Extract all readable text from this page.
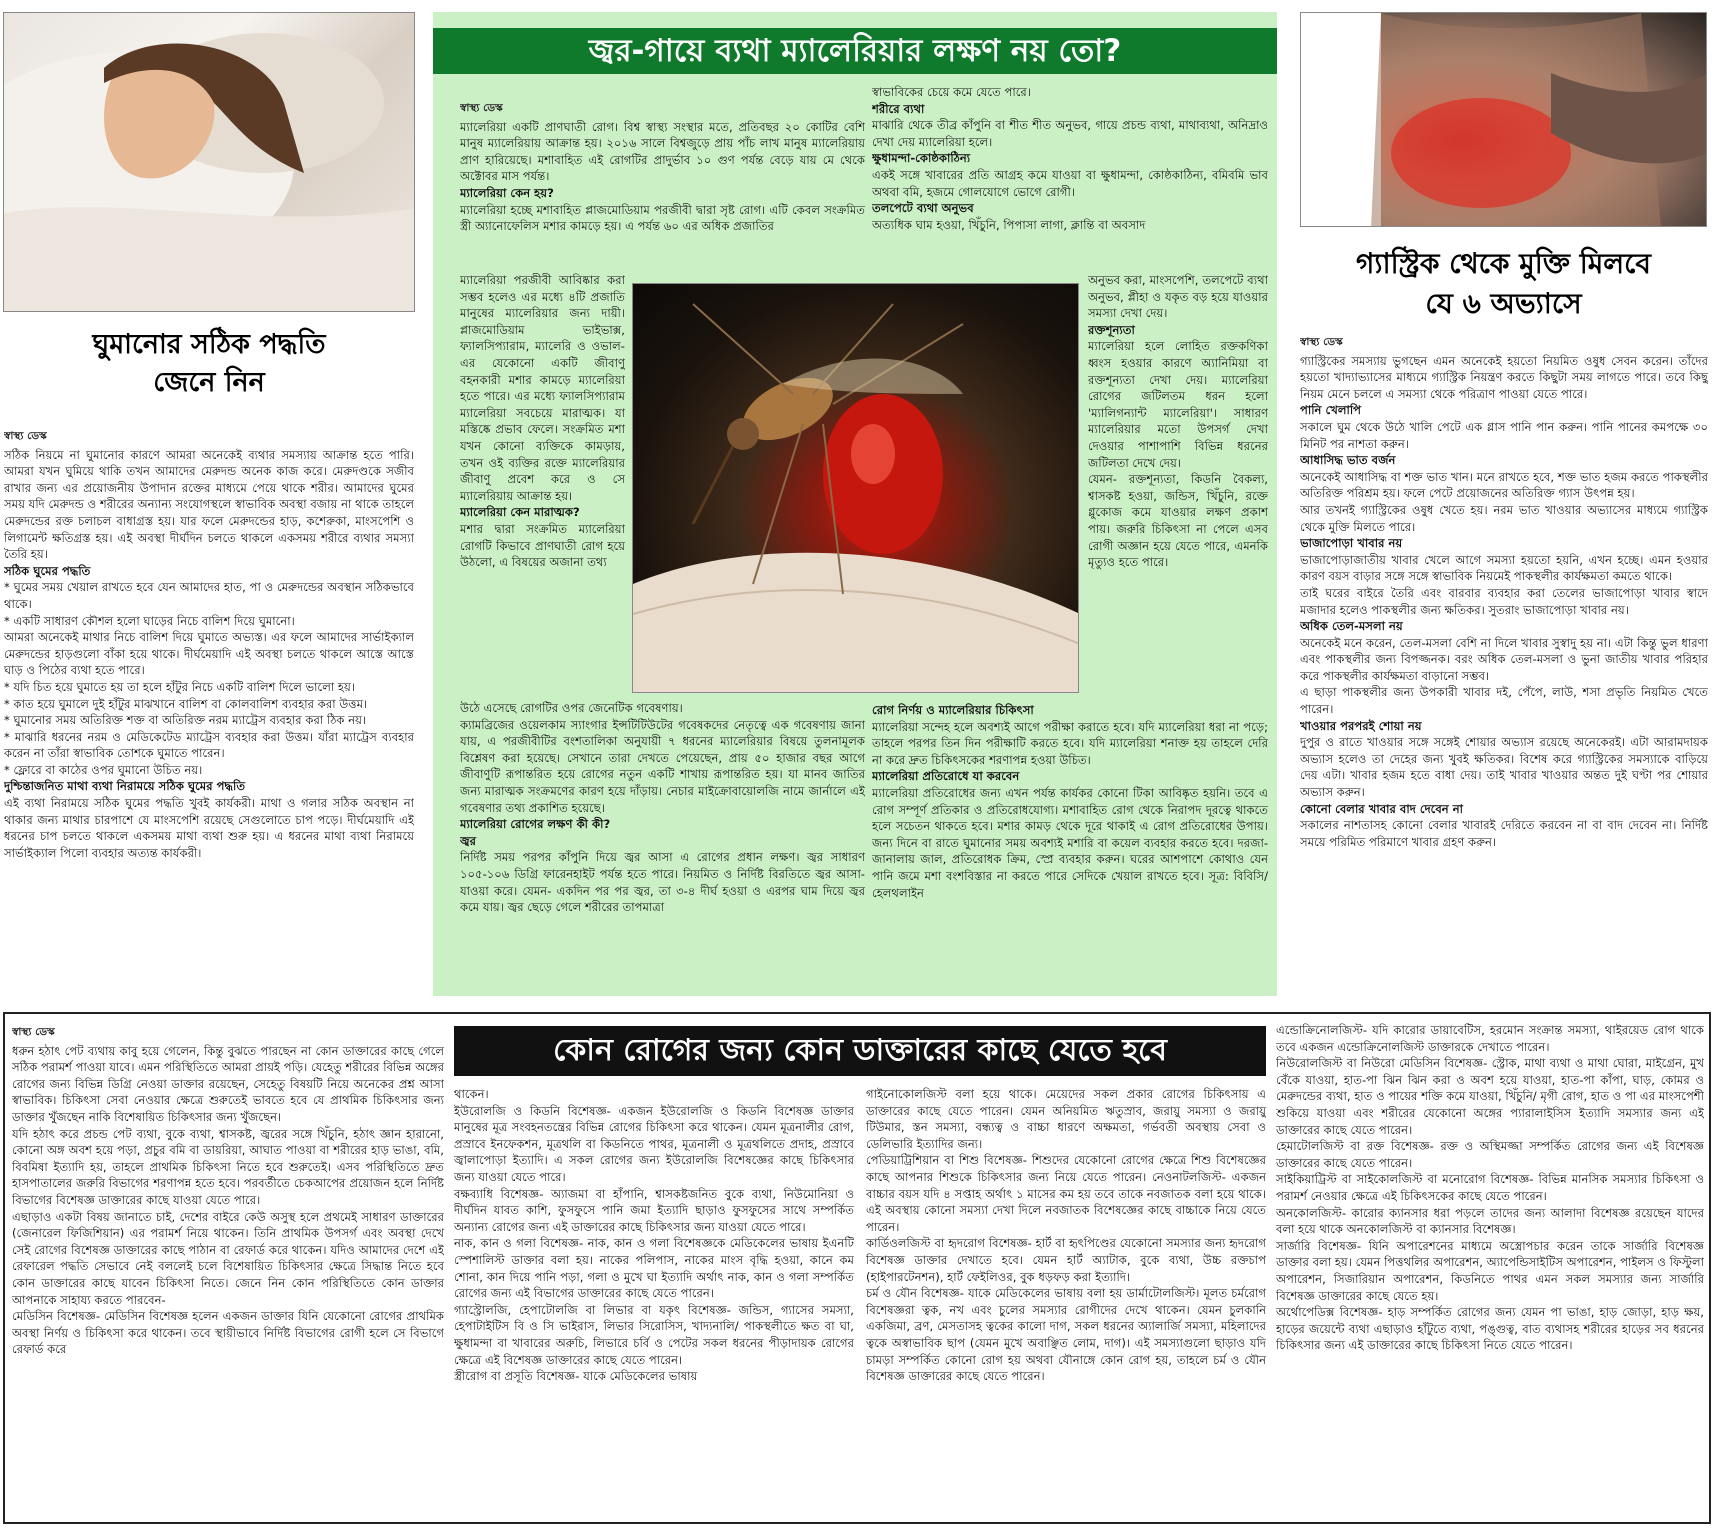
ঘুমানোর সঠিক পদ্ধতি
জেনে নিন
স্বাস্থ্য ডেস্ক

সঠিক নিয়মে না ঘুমানোর কারণে আমরা অনেকেই ব্যথার সমস্যায় আক্রান্ত হতে পারি। আমরা যখন ঘুমিয়ে থাকি তখন আমাদের মেরুদন্ড অনেক কাজ করে। মেরুদণ্ডকে সজীব রাখার জন্য এর প্রয়োজনীয় উপাদান রক্তের মাধ্যমে পেয়ে থাকে শরীর। আমাদের ঘুমের সময় যদি মেরুদন্ড ও শরীরের অন্যান্য সংযোগস্থলে স্বাভাবিক অবস্থা বজায় না থাকে তাহলে মেরুদন্ডের রক্ত চলাচল বাধাগ্রস্ত হয়। যার ফলে মেরুদন্ডের হাড়, কশেরুকা, মাংসপেশি ও লিগামেন্ট ক্ষতিগ্রস্ত হয়। এই অবস্থা দীর্ঘদিন চলতে থাকলে একসময় শরীরে ব্যথার সমস্যা তৈরি হয়।

সঠিক ঘুমের পদ্ধতি

* ঘুমের সময় খেয়াল রাখতে হবে যেন আমাদের হাত, পা ও মেরুদন্ডের অবস্থান সঠিকভাবে থাকে।

* একটি সাধারণ কৌশল হলো ঘাড়ের নিচে বালিশ দিয়ে ঘুমানো।

আমরা অনেকেই মাথার নিচে বালিশ দিয়ে ঘুমাতে অভ্যস্ত। এর ফলে আমাদের সার্ভাইক্যাল মেরুদন্ডের হাড়গুলো বাঁকা হয়ে থাকে। দীর্ঘমেয়াদি এই অবস্থা চলতে থাকলে আস্তে আস্তে ঘাড় ও পিঠের ব্যথা হতে পারে।

* যদি চিত হয়ে ঘুমাতে হয় তা হলে হাঁটুর নিচে একটি বালিশ দিলে ভালো হয়।

* কাত হয়ে ঘুমালে দুই হাঁটুর মাঝখানে বালিশ বা কোলবালিশ ব্যবহার করা উত্তম।

* ঘুমানোর সময় অতিরিক্ত শক্ত বা অতিরিক্ত নরম ম্যাট্রেস ব্যবহার করা ঠিক নয়।

* মাঝারি ধরনের নরম ও মেডিকেটেড ম্যাট্রেস ব্যবহার করা উত্তম। যাঁরা ম্যাট্রেস ব্যবহার করেন না তাঁরা স্বাভাবিক তোশকে ঘুমাতে পারেন।

* ফ্লোরে বা কাঠের ওপর ঘুমানো উচিত নয়।

দুশ্চিন্তাজনিত মাথা ব্যথা নিরাময়ে সঠিক ঘুমের পদ্ধতি

এই ব্যথা নিরাময়ে সঠিক ঘুমের পদ্ধতি খুবই কার্যকরী। মাথা ও গলার সঠিক অবস্থান না থাকার জন্য মাথার চারপাশে যে মাংসপেশি রয়েছে সেগুলোতে চাপ পড়ে। দীর্ঘমেয়াদি এই ধরনের চাপ চলতে থাকলে একসময় মাথা ব্যথা শুরু হয়। এ ধরনের মাথা ব্যথা নিরাময়ে সার্ভাইক্যাল পিলো ব্যবহার অত্যন্ত কার্যকরী।

জ্বর-গায়ে ব্যথা ম্যালেরিয়ার লক্ষণ নয় তো?
স্বাস্থ্য ডেস্ক

ম্যালেরিয়া একটি প্রাণঘাতী রোগ। বিশ্ব স্বাস্থ্য সংস্থার মতে, প্রতিবছর ২০ কোটির বেশি মানুষ ম্যালেরিয়ায় আক্রান্ত হয়। ২০১৬ সালে বিশ্বজুড়ে প্রায় পাঁচ লাখ মানুষ ম্যালেরিয়ায় প্রাণ হারিয়েছে। মশাবাহিত এই রোগটির প্রাদুর্ভাব ১০ গুণ পর্যন্ত বেড়ে যায় মে থেকে অক্টোবর মাস পর্যন্ত।

ম্যালেরিয়া কেন হয়?

ম্যালেরিয়া হচ্ছে মশাবাহিত প্লাজমোডিয়াম পরজীবী দ্বারা সৃষ্ট রোগ। এটি কেবল সংক্রমিত স্ত্রী অ্যানোফেলিস মশার কামড়ে হয়। এ পর্যন্ত ৬০ এর অধিক প্রজাতির

ম্যালেরিয়া পরজীবী আবিষ্কার করা সম্ভব হলেও এর মধ্যে ৪টি প্রজাতি মানুষের ম্যালেরিয়ার জন্য দায়ী। প্লাজমোডিয়াম ভাইভাক্স, ফ্যালসিপ্যারাম, ম্যালেরি ও ওভাল-এর যেকোনো একটি জীবাণু বহনকারী মশার কামড়ে ম্যালেরিয়া হতে পারে। এর মধ্যে ফ্যালসিপ্যারাম ম্যালেরিয়া সবচেয়ে মারাত্মক। যা মস্তিষ্কে প্রভাব ফেলে। সংক্রমিত মশা যখন কোনো ব্যক্তিকে কামড়ায়, তখন ওই ব্যক্তির রক্তে ম্যালেরিয়ার জীবাণু প্রবেশ করে ও সে ম্যালেরিয়ায় আক্রান্ত হয়।

ম্যালেরিয়া কেন মারাত্মক?

মশার দ্বারা সংক্রমিত ম্যালেরিয়া রোগটি কিভাবে প্রাণঘাতী রোগ হয়ে উঠলো, এ বিষয়ের অজানা তথ্য

উঠে এসেছে রোগটির ওপর জেনেটিক গবেষণায়।

ক্যামব্রিজের ওয়েলকাম স্যাংগার ইন্সটিটিউটের গবেষকদের নেতৃত্বে এক গবেষণায় জানা যায়, এ পরজীবীটির বংশতালিকা অনুযায়ী ৭ ধরনের ম্যালেরিয়ার বিষয়ে তুলনামূলক বিশ্লেষণ করা হয়েছে। সেখানে তারা দেখতে পেয়েছেন, প্রায় ৫০ হাজার বছর আগে জীবাণুটি রূপান্তরিত হয়ে রোগের নতুন একটি শাখায় রূপান্তরিত হয়। যা মানব জাতির জন্য মারাত্মক সংক্রমণের কারণ হয়ে দাঁড়ায়। নেচার মাইক্রোবায়োলজি নামে জার্নালে এই গবেষণার তথ্য প্রকাশিত হয়েছে।

ম্যালেরিয়া রোগের লক্ষণ কী কী?

জ্বর

নির্দিষ্ট সময় পরপর কাঁপুনি দিয়ে জ্বর আসা এ রোগের প্রধান লক্ষণ। জ্বর সাধারণ ১০৫-১০৬ ডিগ্রি ফারেনহাইট পর্যন্ত হতে পারে। নিয়মিত ও নির্দিষ্ট বিরতিতে জ্বর আসা-যাওয়া করে। যেমন- একদিন পর পর জ্বর, তা ৩-৪ দীর্ঘ হওয়া ও এরপর ঘাম দিয়ে জ্বর কমে যায়। জ্বর ছেড়ে গেলে শরীরের তাপমাত্রা

স্বাভাবিকের চেয়ে কমে যেতে পারে।

শরীরে ব্যথা

মাঝারি থেকে তীব্র কাঁপুনি বা শীত শীত অনুভব, গায়ে প্রচন্ড ব্যথা, মাথাব্যথা, অনিদ্রাও দেখা দেয় ম্যালেরিয়া হলে।

ক্ষুধামন্দা-কোষ্ঠকাঠিন্য

একই সঙ্গে খাবারের প্রতি আগ্রহ কমে যাওয়া বা ক্ষুধামন্দা, কোষ্ঠকাঠিন্য, বমিবমি ভাব অথবা বমি, হজমে গোলযোগে ভোগে রোগী।

তলপেটে ব্যথা অনুভব

অত্যধিক ঘাম হওয়া, খিঁচুনি, পিপাসা লাগা, ক্লান্তি বা অবসাদ

অনুভব করা, মাংসপেশি, তলপেটে ব্যথা অনুভব, প্লীহা ও যকৃত বড় হয়ে যাওয়ার সমস্যা দেখা দেয়।

রক্তশূন্যতা

ম্যালেরিয়া হলে লোহিত রক্তকণিকা ধ্বংস হওয়ার কারণে অ্যানিমিয়া বা রক্তশূন্যতা দেখা দেয়। ম্যালেরিয়া রোগের জটিলতম ধরন হলো 'ম্যালিগন্যান্ট ম্যালেরিয়া'। সাধারণ ম্যালেরিয়ার মতো উপসর্গ দেখা দেওয়ার পাশাপাশি বিভিন্ন ধরনের জটিলতা দেখে দেয়।

যেমন- রক্তশূন্যতা, কিডনি বৈকল্য, শ্বাসকষ্ট হওয়া, জন্ডিস, খিঁচুনি, রক্তে গ্লুকোজ কমে যাওয়ার লক্ষণ প্রকাশ পায়। জরুরি চিকিৎসা না পেলে এসব রোগী অজ্ঞান হয়ে যেতে পারে, এমনকি মৃত্যুও হতে পারে।

রোগ নির্ণয় ও ম্যালেরিয়ার চিকিৎসা

ম্যালেরিয়া সন্দেহ হলে অবশ্যই আগে পরীক্ষা করাতে হবে। যদি ম্যালেরিয়া ধরা না পড়ে; তাহলে পরপর তিন দিন পরীক্ষাটি করতে হবে। যদি ম্যালেরিয়া শনাক্ত হয় তাহলে দেরি না করে দ্রুত চিকিৎসকের শরণাপন্ন হওয়া উচিত।

ম্যালেরিয়া প্রতিরোধে যা করবেন

ম্যালেরিয়া প্রতিরোধের জন্য এখন পর্যন্ত কার্যকর কোনো টিকা আবিষ্কৃত হয়নি। তবে এ রোগ সম্পূর্ণ প্রতিকার ও প্রতিরোধযোগ্য। মশাবাহিত রোগ থেকে নিরাপদ দূরত্বে থাকতে হলে সচেতন থাকতে হবে। মশার কামড় থেকে দূরে থাকাই এ রোগ প্রতিরোধের উপায়। জন্য দিনে বা রাতে ঘুমানোর সময় অবশ্যই মশারি বা কয়েল ব্যবহার করতে হবে। দরজা-জানালায় জাল, প্রতিরোধক ক্রিম, স্প্রে ব্যবহার করুন। ঘরের আশপাশে কোথাও যেন পানি জমে মশা বংশবিস্তার না করতে পারে সেদিকে খেয়াল রাখতে হবে। সূত্র: বিবিসি/হেলথলাইন

গ্যাস্ট্রিক থেকে মুক্তি মিলবে
যে ৬ অভ্যাসে
স্বাস্থ্য ডেস্ক

গ্যাস্ট্রিকের সমস্যায় ভুগছেন এমন অনেকেই হয়তো নিয়মিত ওষুধ সেবন করেন। তাঁদের হয়তো খাদ্যাভ্যাসের মাধ্যমে গ্যাস্ট্রিক নিয়ন্ত্রণ করতে কিছুটা সময় লাগতে পারে। তবে কিছু নিয়ম মেনে চললে এ সমস্যা থেকে পরিত্রাণ পাওয়া যেতে পারে।

পানি খেলাপি

সকালে ঘুম থেকে উঠে খালি পেটে এক গ্লাস পানি পান করুন। পানি পানের কমপক্ষে ৩০ মিনিট পর নাশতা করুন।

আধাসিদ্ধ ভাত বর্জন

অনেকেই আধাসিদ্ধ বা শক্ত ভাত খান। মনে রাখতে হবে, শক্ত ভাত হজম করতে পাকস্থলীর অতিরিক্ত পরিশ্রম হয়। ফলে পেটে প্রয়োজনের অতিরিক্ত গ্যাস উৎপন্ন হয়।

আর তখনই গ্যাস্ট্রিকের ওষুধ খেতে হয়। নরম ভাত খাওয়ার অভ্যাসের মাধ্যমে গ্যাস্ট্রিক থেকে মুক্তি মিলতে পারে।

ভাজাপোড়া খাবার নয়

ভাজাপোড়াজাতীয় খাবার খেলে আগে সমস্যা হয়তো হয়নি, এখন হচ্ছে। এমন হওয়ার কারণ বয়স বাড়ার সঙ্গে সঙ্গে স্বাভাবিক নিয়মেই পাকস্থলীর কার্যক্ষমতা কমতে থাকে।

তাই ঘরের বাইরে তৈরি এবং বারবার ব্যবহার করা তেলের ভাজাপোড়া খাবার স্বাদে মজাদার হলেও পাকস্থলীর জন্য ক্ষতিকর। সুতরাং ভাজাপোড়া খাবার নয়।

অধিক তেল-মসলা নয়

অনেকেই মনে করেন, তেল-মসলা বেশি না দিলে খাবার সুস্বাদু হয় না। এটা কিন্তু ভুল ধারণা এবং পাকস্থলীর জন্য বিপজ্জনক। বরং অধিক তেল-মসলা ও ভুনা জাতীয় খাবার পরিহার করে পাকস্থলীর কার্যক্ষমতা বাড়ানো সম্ভব।

এ ছাড়া পাকস্থলীর জন্য উপকারী খাবার দই, পেঁপে, লাউ, শসা প্রভৃতি নিয়মিত খেতে পারেন।

খাওয়ার পরপরই শোয়া নয়

দুপুর ও রাতে খাওয়ার সঙ্গে সঙ্গেই শোয়ার অভ্যাস রয়েছে অনেকেরই। এটা আরামদায়ক অভ্যাস হলেও তা দেহের জন্য খুবই ক্ষতিকর। বিশেষ করে গ্যাস্ট্রিকের সমস্যাকে বাড়িয়ে দেয় এটা। খাবার হজম হতে বাধা দেয়। তাই খাবার খাওয়ার অন্তত দুই ঘণ্টা পর শোয়ার অভ্যাস করুন।

কোনো বেলার খাবার বাদ দেবেন না

সকালের নাশতাসহ কোনো বেলার খাবারই দেরিতে করবেন না বা বাদ দেবেন না। নির্দিষ্ট সময়ে পরিমিত পরিমাণে খাবার গ্রহণ করুন।

কোন রোগের জন্য কোন ডাক্তারের কাছে যেতে হবে
স্বাস্থ্য ডেস্ক

ধরুন হঠাৎ পেট ব্যথায় কাবু হয়ে গেলেন, কিন্তু বুঝতে পারছেন না কোন ডাক্তারের কাছে গেলে সঠিক পরামর্শ পাওয়া যাবে। এমন পরিস্থিতিতে আমরা প্রায়ই পড়ি। যেহেতু শরীরের বিভিন্ন অঙ্গের রোগের জন্য বিভিন্ন ডিগ্রি নেওয়া ডাক্তার রয়েছেন, সেহেতু বিষয়টি নিয়ে অনেকের প্রশ্ন আসা স্বাভাবিক। চিকিৎসা সেবা নেওয়ার ক্ষেত্রে শুরুতেই ভাবতে হবে যে প্রাথমিক চিকিৎসার জন্য ডাক্তার খুঁজছেন নাকি বিশেষায়িত চিকিৎসার জন্য খুঁজছেন।

যদি হঠাৎ করে প্রচন্ড পেট ব্যথা, বুকে ব্যথা, শ্বাসকষ্ট, জ্বরের সঙ্গে খিঁচুনি, হঠাৎ জ্ঞান হারানো, কোনো অঙ্গ অবশ হয়ে পড়া, প্রচুর বমি বা ডায়রিয়া, আঘাত পাওয়া বা শরীরের হাড় ভাঙা, বমি, বিবমিষা ইত্যাদি হয়, তাহলে প্রাথমিক চিকিৎসা নিতে হবে শুরুতেই। এসব পরিস্থিতিতে দ্রুত হাসপাতালের জরুরি বিভাগের শরণাপন্ন হতে হবে। পরবর্তীতে চেকআপের প্রয়োজন হলে নির্দিষ্ট বিভাগের বিশেষজ্ঞ ডাক্তারের কাছে যাওয়া যেতে পারে।

এছাড়াও একটা বিষয় জানাতে চাই, দেশের বাইরে কেউ অসুস্থ হলে প্রথমেই সাধারণ ডাক্তারের (জেনারেল ফিজিশিয়ান) এর পরামর্শ নিয়ে থাকেন। তিনি প্রাথমিক উপসর্গ এবং অবস্থা দেখে সেই রোগের বিশেষজ্ঞ ডাক্তারের কাছে পাঠান বা রেফার্ড করে থাকেন। যদিও আমাদের দেশে এই রেফারেল পদ্ধতি সেভাবে নেই বললেই চলে বিশেষায়িত চিকিৎসার ক্ষেত্রে সিদ্ধান্ত নিতে হবে কোন ডাক্তারের কাছে যাবেন চিকিৎসা নিতে। জেনে নিন কোন পরিস্থিতিতে কোন ডাক্তার আপনাকে সাহায্য করতে পারবেন-

মেডিসিন বিশেষজ্ঞ- মেডিসিন বিশেষজ্ঞ হলেন একজন ডাক্তার যিনি যেকোনো রোগের প্রাথমিক অবস্থা নির্ণয় ও চিকিৎসা করে থাকেন। তবে স্থায়ীভাবে নির্দিষ্ট বিভাগের রোগী হলে সে বিভাগে রেফার্ড করে

থাকেন।

ইউরোলজি ও কিডনি বিশেষজ্ঞ- একজন ইউরোলজি ও কিডনি বিশেষজ্ঞ ডাক্তার মানুষের মূত্র সংবহনতন্ত্রের বিভিন্ন রোগের চিকিৎসা করে থাকেন। যেমন মূত্রনালীর রোগ, প্রস্রাবে ইনফেকশন, মূত্রথলি বা কিডনিতে পাথর, মূত্রনালী ও মূত্রথলিতে প্রদাহ, প্রস্রাবে জ্বালাপোড়া ইত্যাদি। এ সকল রোগের জন্য ইউরোলজি বিশেষজ্ঞের কাছে চিকিৎসার জন্য যাওয়া যেতে পারে।

বক্ষব্যাধি বিশেষজ্ঞ- অ্যাজমা বা হাঁপানি, শ্বাসকষ্টজনিত বুকে ব্যথা, নিউমোনিয়া ও দীর্ঘদিন যাবত কাশি, ফুসফুসে পানি জমা ইত্যাদি ছাড়াও ফুসফুসের সাথে সম্পর্কিত অন্যান্য রোগের জন্য এই ডাক্তারের কাছে চিকিৎসার জন্য যাওয়া যেতে পারে।

নাক, কান ও গলা বিশেষজ্ঞ- নাক, কান ও গলা বিশেষজ্ঞকে মেডিকেলের ভাষায় ইএনটি স্পেশালিস্ট ডাক্তার বলা হয়। নাকের পলিপাস, নাকের মাংস বৃদ্ধি হওয়া, কানে কম শোনা, কান দিয়ে পানি পড়া, গলা ও মুখে ঘা ইত্যাদি অর্থাৎ নাক, কান ও গলা সম্পর্কিত রোগের জন্য এই বিভাগের ডাক্তারের কাছে যেতে পারেন।

গ্যাস্ট্রোলজি, হেপাটোলজি বা লিভার বা যকৃৎ বিশেষজ্ঞ- জন্ডিস, গ্যাসের সমস্যা, হেপাটাইটিস বি ও সি ভাইরাস, লিভার সিরোসিস, খাদ্যনালি/ পাকস্থলীতে ক্ষত বা ঘা, ক্ষুধামন্দা বা খাবারের অরুচি, লিভারে চর্বি ও পেটের সকল ধরনের পীড়াদায়ক রোগের ক্ষেত্রে এই বিশেষজ্ঞ ডাক্তারের কাছে যেতে পারেন।

স্ত্রীরোগ বা প্রসূতি বিশেষজ্ঞ- যাকে মেডিকেলের ভাষায়

গাইনোকোলজিস্ট বলা হয়ে থাকে। মেয়েদের সকল প্রকার রোগের চিকিৎসায় এ ডাক্তারের কাছে যেতে পারেন। যেমন অনিয়মিত ঋতুস্রাব, জরায়ু সমস্যা ও জরায়ু টিউমার, স্তন সমস্যা, বন্ধ্যত্ব ও বাচ্চা ধারণে অক্ষমতা, গর্ভবতী অবস্থায় সেবা ও ডেলিভারি ইত্যাদির জন্য।

পেডিয়াট্রিশিয়ান বা শিশু বিশেষজ্ঞ- শিশুদের যেকোনো রোগের ক্ষেত্রে শিশু বিশেষজ্ঞের কাছে আপনার শিশুকে চিকিৎসার জন্য নিয়ে যেতে পারেন। নেওনাটলজিস্ট- একজন বাচ্চার বয়স যদি ৪ সপ্তাহ অর্থাৎ ১ মাসের কম হয় তবে তাকে নবজাতক বলা হয়ে থাকে। এই অবস্থায় কোনো সমস্যা দেখা দিলে নবজাতক বিশেষজ্ঞের কাছে বাচ্চাকে নিয়ে যেতে পারেন।

কার্ডিওলজিস্ট বা হৃদরোগ বিশেষজ্ঞ- হার্ট বা হৃৎপিণ্ডের যেকোনো সমস্যার জন্য হৃদরোগ বিশেষজ্ঞ ডাক্তার দেখাতে হবে। যেমন হার্ট অ্যাটাক, বুকে ব্যথা, উচ্চ রক্তচাপ (হাইপারটেনশন), হার্ট ফেইলিওর, বুক ধড়ফড় করা ইত্যাদি।

চর্ম ও যৌন বিশেষজ্ঞ- যাকে মেডিকেলের ভাষায় বলা হয় ডার্মাটোলজিস্ট। মূলত চর্মরোগ বিশেষজ্ঞরা ত্বক, নখ এবং চুলের সমস্যার রোগীদের দেখে থাকেন। যেমন চুলকানি একজিমা, ব্রণ, মেসতাসহ ত্বকের কালো দাগ, সকল ধরনের অ্যালার্জি সমস্যা, মহিলাদের ত্বকে অস্বাভাবিক ছাপ (যেমন মুখে অবাঞ্ছিত লোম, দাগ)। এই সমস্যাগুলো ছাড়াও যদি চামড়া সম্পর্কিত কোনো রোগ হয় অথবা যৌনাঙ্গে কোন রোগ হয়, তাহলে চর্ম ও যৌন বিশেষজ্ঞ ডাক্তারের কাছে যেতে পারেন।

এন্ডোক্রিনোলজিস্ট- যদি কারোর ডায়াবেটিস, হরমোন সংক্রান্ত সমস্যা, থাইরয়েড রোগ থাকে তবে একজন এন্ডোক্রিনোলজিস্ট ডাক্তারকে দেখাতে পারেন।

নিউরোলজিস্ট বা নিউরো মেডিসিন বিশেষজ্ঞ- স্ট্রোক, মাথা ব্যথা ও মাথা ঘোরা, মাইগ্রেন, মুখ বেঁকে যাওয়া, হাত-পা ঝিন ঝিন করা ও অবশ হয়ে যাওয়া, হাত-পা কাঁপা, ঘাড়, কোমর ও মেরুদন্ডের ব্যথা, হাত ও পায়ের শক্তি কমে যাওয়া, খিঁচুনি/ মৃগী রোগ, হাত ও পা এর মাংসপেশী শুকিয়ে যাওয়া এবং শরীরের যেকোনো অঙ্গের প্যারালাইসিস ইত্যাদি সমস্যার জন্য এই ডাক্তারের কাছে যেতে পারেন।

হেমাটোলজিস্ট বা রক্ত বিশেষজ্ঞ- রক্ত ও অস্থিমজ্জা সম্পর্কিত রোগের জন্য এই বিশেষজ্ঞ ডাক্তারের কাছে যেতে পারেন।

সাইকিয়াট্রিস্ট বা সাইকোলজিস্ট বা মনোরোগ বিশেষজ্ঞ- বিভিন্ন মানসিক সমস্যার চিকিৎসা ও পরামর্শ নেওয়ার ক্ষেত্রে এই চিকিৎসকের কাছে যেতে পারেন।

অনকোলজিস্ট- কারোর ক্যানসার ধরা পড়লে তাদের জন্য আলাদা বিশেষজ্ঞ রয়েছেন যাদের বলা হয়ে থাকে অনকোলজিস্ট বা ক্যানসার বিশেষজ্ঞ।

সার্জারি বিশেষজ্ঞ- যিনি অপারেশনের মাধ্যমে অস্ত্রোপচার করেন তাকে সার্জারি বিশেষজ্ঞ ডাক্তার বলা হয়। যেমন পিত্তথলির অপারেশন, অ্যাপেন্ডিসাইটিস অপারেশন, পাইলস ও ফিস্টুলা অপারেশন, সিজারিয়ান অপারেশন, কিডনিতে পাথর এমন সকল সমস্যার জন্য সার্জারি বিশেষজ্ঞ ডাক্তারের কাছে যেতে হয়।

অর্থোপেডিক্স বিশেষজ্ঞ- হাড় সম্পর্কিত রোগের জন্য যেমন পা ভাঙা, হাড় জোড়া, হাড় ক্ষয়, হাড়ের জয়েন্টে ব্যথা এছাড়াও হাঁটুতে ব্যথা, পঙ্গুত্ব, বাত ব্যথাসহ শরীরের হাড়ের সব ধরনের চিকিৎসার জন্য এই ডাক্তারের কাছে চিকিৎসা নিতে যেতে পারেন।
